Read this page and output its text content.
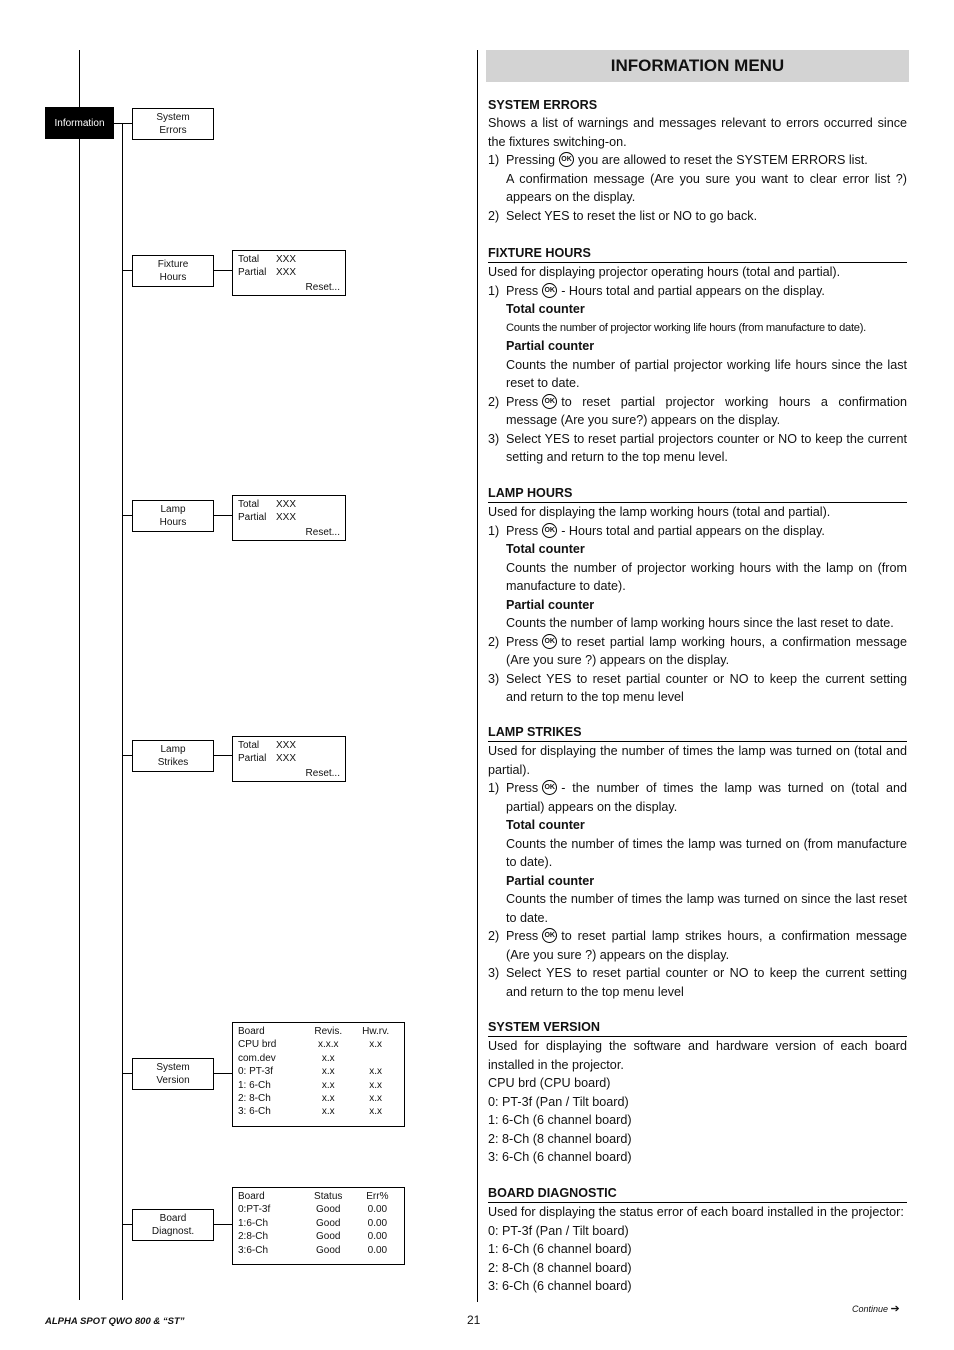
Information	System
Errors
Fixture
Hours
Lamp
Hours
Lamp
Strikes
System
Version
Board
Diagnost.
Total	XXX
Partial XXX
Reset...
Total	XXX
Partial XXX
Reset...
Total	XXX
Partial XXX
Reset...
Board	Revis.	Hw.rv.
CPU brd	x.x.x	x.x
com.dev	x.x	
0: PT-3f	x.x	x.x
1: 6-Ch	x.x	x.x
2: 8-Ch	x.x	x.x
3: 6-Ch	x.x	x.x
Board	Status	Err%
0:PT-3f	Good	0.00
1:6-Ch	Good	0.00
2:8-Ch	Good	0.00
3:6-Ch	Good	0.00
INFORMATION MENU
SYSTEM ERRORS

Shows a list of warnings and messages relevant to errors occurred since the fixtures switching-on.

1) Pressing OK you are allowed to reset the SYSTEM ERRORS list.

A confirmation message (Are you sure you want to clear error list ?) appears on the display.

2) Select YES to reset the list or NO to go back.
FIXTURE HOURS

Used for displaying projector operating hours (total and partial).

1) Press OK - Hours total and partial appears on the display.

Total counter

Counts the number of projector working life hours (from manufacture to date).

Partial counter

Counts the number of partial projector working life hours since the last reset to date.

2) Press OK to reset partial projector working hours a confirmation message (Are you sure?) appears on the display.
3) Select YES to reset partial projectors counter or NO to keep the current setting and return to the top menu level.
LAMP HOURS

Used for displaying the lamp working hours (total and partial).

1) Press OK - Hours total and partial appears on the display.

Total counter

Counts the number of projector working hours with the lamp on (from manufacture to date).

Partial counter

Counts the number of lamp working hours since the last reset to date.

2) Press OK to reset partial lamp working hours, a confirmation message (Are you sure ?) appears on the display.
3) Select YES to reset partial counter or NO to keep the current setting and return to the top menu level
LAMP STRIKES

Used for displaying the number of times the lamp was turned on (total and partial).

1) Press OK - the number of times the lamp was turned on (total and partial) appears on the display.

Total counter

Counts the number of times the lamp was turned on (from manufacture to date).

Partial counter

Counts the number of times the lamp was turned on since the last reset to date.

2) Press OK to reset partial lamp strikes hours, a confirmation message (Are you sure ?) appears on the display.
3) Select YES to reset partial counter or NO to keep the current setting and return to the top menu level
SYSTEM VERSION

Used for displaying the software and hardware version of each board installed in the projector.

CPU brd (CPU board)

0: PT-3f (Pan / Tilt board)

1: 6-Ch (6 channel board)

2: 8-Ch (8 channel board)

3: 6-Ch (6 channel board)

BOARD DIAGNOSTIC

Used for displaying the status error of each board installed in the projector:

0: PT-3f (Pan / Tilt board)

1: 6-Ch (6 channel board)

2: 8-Ch (8 channel board)

3: 6-Ch (6 channel board)

ALPHA SPOT QWO 800 & “ST”	21
Continue ➔
